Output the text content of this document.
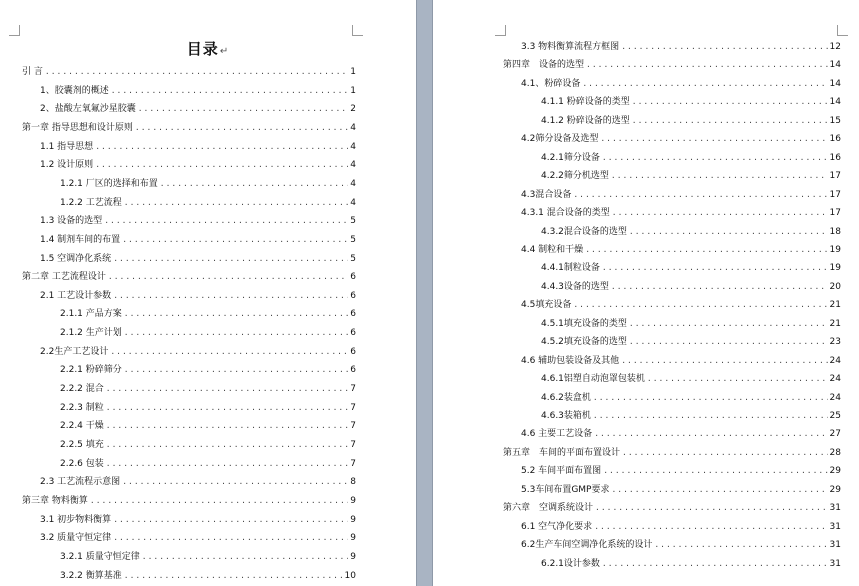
目录↵
引 言 .....	1
1、胶囊剂的概述 .....	1
2、盐酸左氧氟沙星胶囊 .....	2
第一章 指导思想和设计原则 .....	4
1.1 指导思想 .....	4
1.2 设计原则 .....	4
1.2.1 厂区的选择和布置 .....	4
1.2.2 工艺流程 .....	4
1.3 设备的选型 .....	5
1.4 制剂车间的布置 .....	5
1.5 空调净化系统 .....	5
第二章 工艺流程设计 .....	6
2.1 工艺设计参数 .....	6
2.1.1 产品方案 .....	6
2.1.2 生产计划 .....	6
2.2生产工艺设计 .....	6
2.2.1 粉碎筛分 .....	6
2.2.2 混合 .....	7
2.2.3 制粒 .....	7
2.2.4 干燥 .....	7
2.2.5 填充 .....	7
2.2.6 包装 .....	7
2.3 工艺流程示意图 .....	8
第三章 物料衡算 .....	9
3.1 初步物料衡算 .....	9
3.2 质量守恒定律 .....	9
3.2.1 质量守恒定律 .....	9
3.2.2 衡算基准 .....	10
3.3 物料衡算流程方框图 .....	12
第四章　设备的选型 .....	14
4.1、粉碎设备 .....	14
4.1.1 粉碎设备的类型 .....	14
4.1.2 粉碎设备的选型 .....	15
4.2筛分设备及选型 .....	16
4.2.1筛分设备 .....	16
4.2.2筛分机选型 .....	17
4.3混合设备 .....	17
4.3.1 混合设备的类型 .....	17
4.3.2混合设备的选型 .....	18
4.4 制粒和干燥 .....	19
4.4.1制粒设备 .....	19
4.4.3设备的选型 .....	20
4.5填充设备 .....	21
4.5.1填充设备的类型 .....	21
4.5.2填充设备的选型 .....	23
4.6 辅助包装设备及其他 .....	24
4.6.1铝塑自动泡罩包装机 .....	24
4.6.2装盒机 .....	24
4.6.3装箱机 .....	25
4.6 主要工艺设备 .....	27
第五章　车间的平面布置设计 .....	28
5.2 车间平面布置图 .....	29
5.3车间布置GMP要求 .....	29
第六章　空调系统设计 .....	31
6.1 空气净化要求 .....	31
6.2生产车间空调净化系统的设计 .....	31
6.2.1设计参数 .....	31
